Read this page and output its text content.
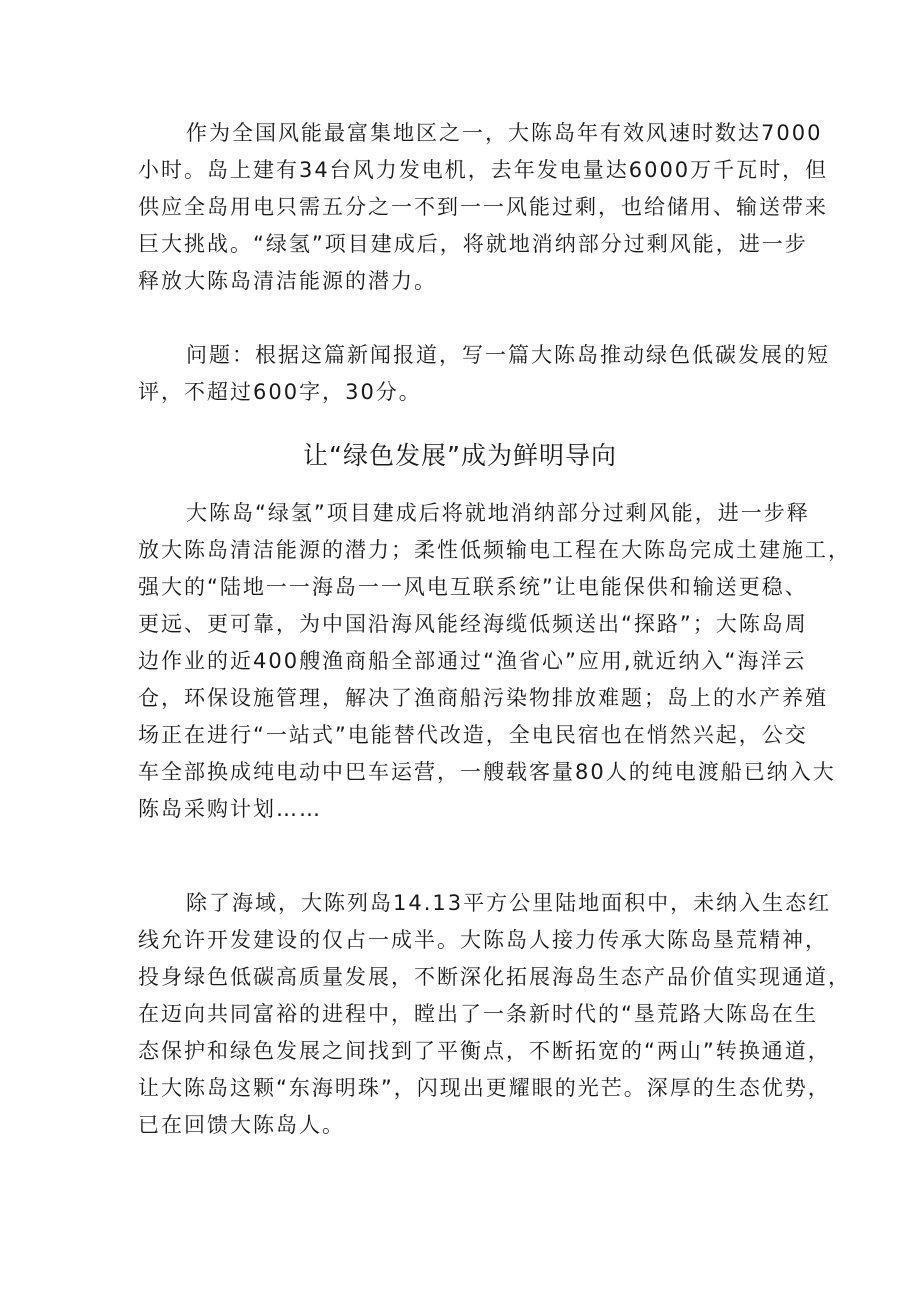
作为全国风能最富集地区之一，大陈岛年有效风速时数达7000
小时。岛上建有34台风力发电机，去年发电量达6000万千瓦时，但
供应全岛用电只需五分之一不到一一风能过剩，也给储用、输送带来
巨大挑战。“绿氢”项目建成后，将就地消纳部分过剩风能，进一步
释放大陈岛清洁能源的潜力。
问题：根据这篇新闻报道，写一篇大陈岛推动绿色低碳发展的短
评，不超过600字，30分。
让“绿色发展”成为鲜明导向
大陈岛“绿氢”项目建成后将就地消纳部分过剩风能，进一步释
放大陈岛清洁能源的潜力；柔性低频输电工程在大陈岛完成土建施工，
强大的“陆地一一海岛一一风电互联系统”让电能保供和输送更稳、
更远、更可靠，为中国沿海风能经海缆低频送出“探路”；大陈岛周
边作业的近400艘渔商船全部通过“渔省心”应用,就近纳入“海洋云
仓，环保设施管理，解决了渔商船污染物排放难题；岛上的水产养殖
场正在进行“一站式”电能替代改造，全电民宿也在悄然兴起，公交
车全部换成纯电动中巴车运营，一艘载客量80人的纯电渡船已纳入大
陈岛采购计划……
除了海域，大陈列岛14.13平方公里陆地面积中，未纳入生态红
线允许开发建设的仅占一成半。大陈岛人接力传承大陈岛垦荒精神，
投身绿色低碳高质量发展，不断深化拓展海岛生态产品价值实现通道，
在迈向共同富裕的进程中，瞠出了一条新时代的“垦荒路大陈岛在生
态保护和绿色发展之间找到了平衡点，不断拓宽的“两山”转换通道，
让大陈岛这颗“东海明珠”，闪现出更耀眼的光芒。深厚的生态优势，
已在回馈大陈岛人。
